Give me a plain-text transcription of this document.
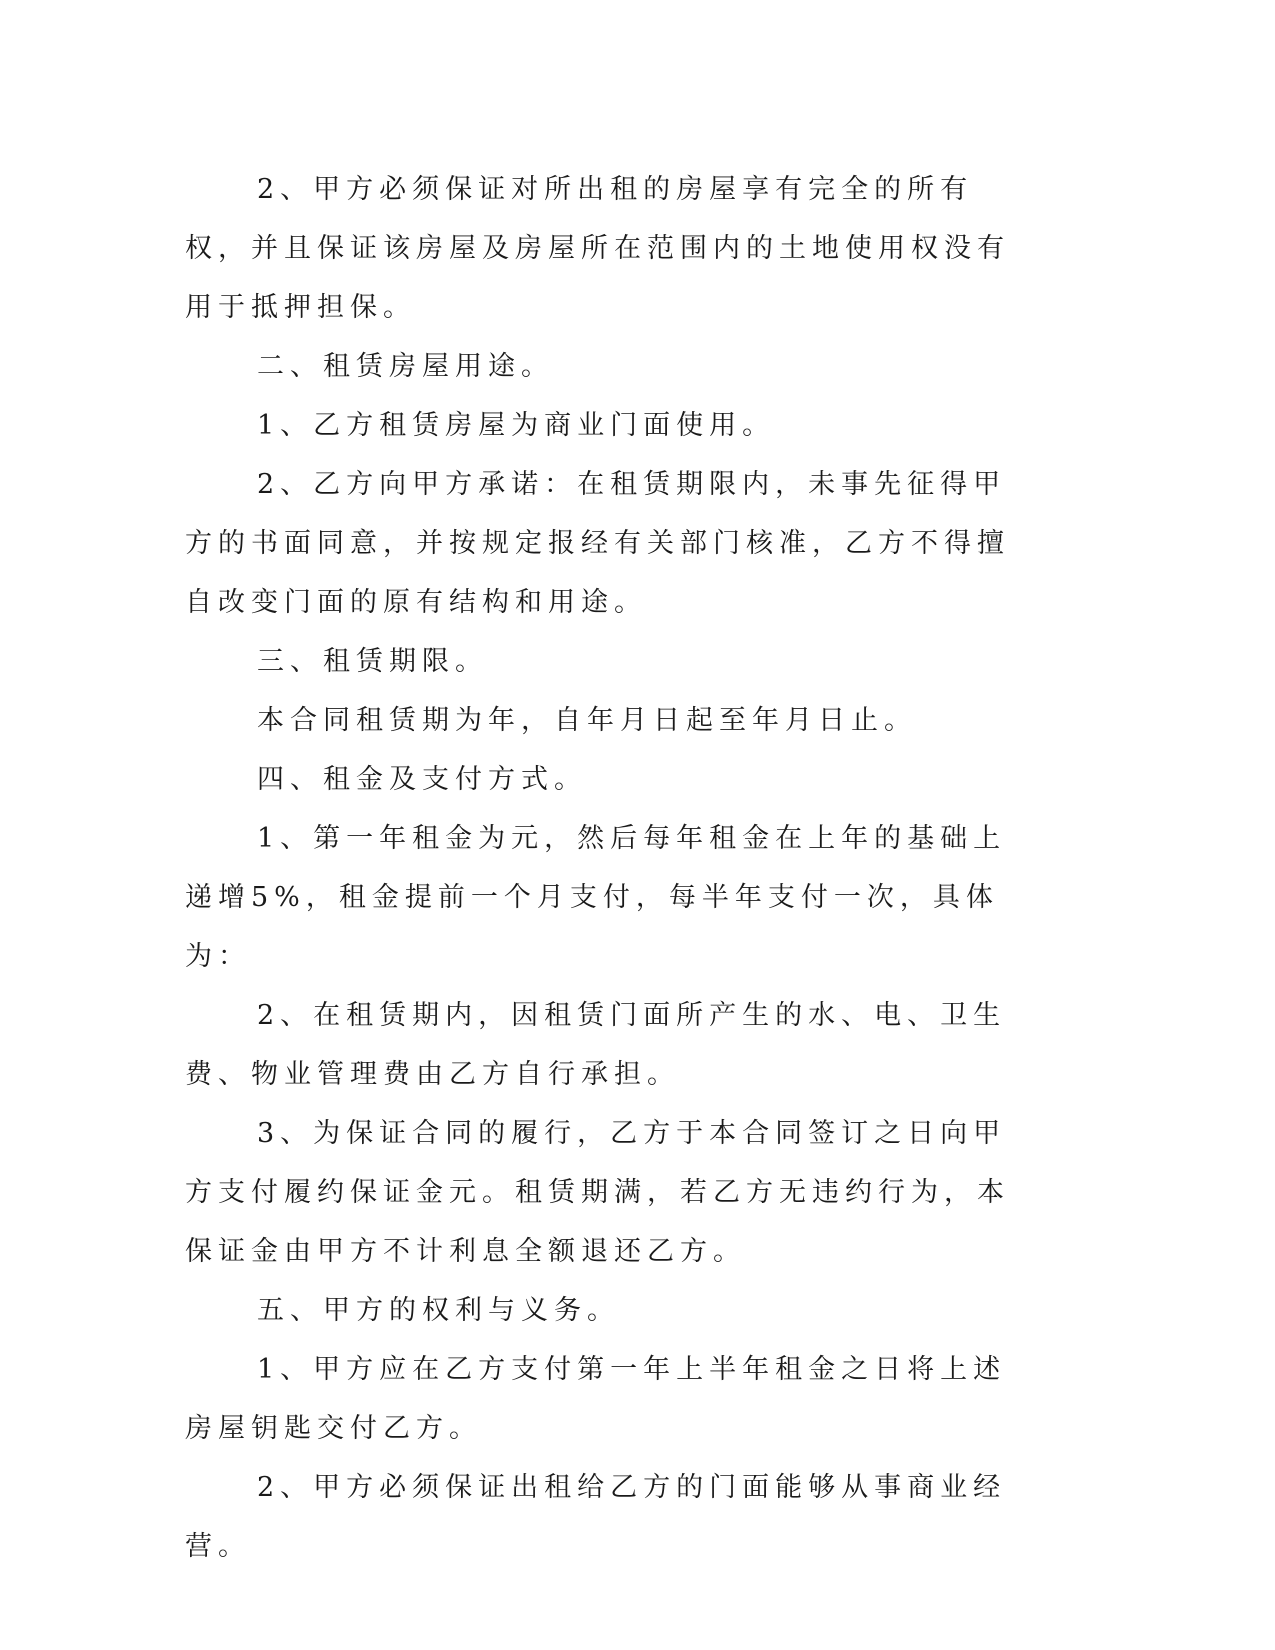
2、甲方必须保证对所出租的房屋享有完全的所有权，并且保证该房屋及房屋所在范围内的土地使用权没有用于抵押担保。

二、租赁房屋用途。

1、乙方租赁房屋为商业门面使用。

2、乙方向甲方承诺：在租赁期限内，未事先征得甲方的书面同意，并按规定报经有关部门核准，乙方不得擅自改变门面的原有结构和用途。

三、租赁期限。

本合同租赁期为年，自年月日起至年月日止。

四、租金及支付方式。

1、第一年租金为元，然后每年租金在上年的基础上递增5%，租金提前一个月支付，每半年支付一次，具体为：

2、在租赁期内，因租赁门面所产生的水、电、卫生费、物业管理费由乙方自行承担。

3、为保证合同的履行，乙方于本合同签订之日向甲方支付履约保证金元。租赁期满，若乙方无违约行为，本保证金由甲方不计利息全额退还乙方。

五、甲方的权利与义务。

1、甲方应在乙方支付第一年上半年租金之日将上述房屋钥匙交付乙方。

2、甲方必须保证出租给乙方的门面能够从事商业经营。
